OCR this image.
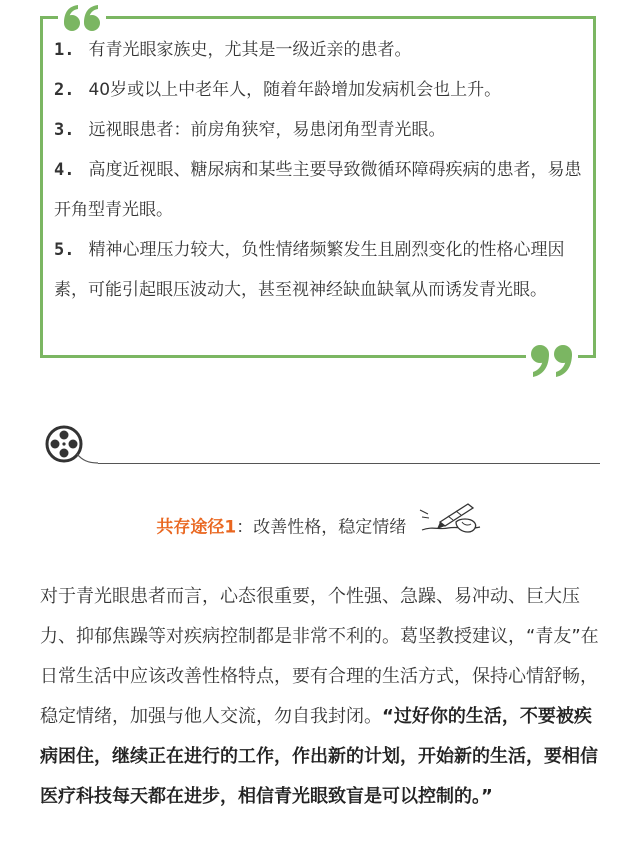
1. 有青光眼家族史，尤其是一级近亲的患者。
2. 40岁或以上中老年人，随着年龄增加发病机会也上升。
3. 远视眼患者：前房角狭窄，易患闭角型青光眼。
4. 高度近视眼、糖尿病和某些主要导致微循环障碍疾病的患者，易患开角型青光眼。
5. 精神心理压力较大，负性情绪频繁发生且剧烈变化的性格心理因素，可能引起眼压波动大，甚至视神经缺血缺氧从而诱发青光眼。
共存途径1：改善性格，稳定情绪

对于青光眼患者而言，心态很重要，个性强、急躁、易冲动、巨大压力、抑郁焦躁等对疾病控制都是非常不利的。葛坚教授建议，“青友”在日常生活中应该改善性格特点，要有合理的生活方式，保持心情舒畅，稳定情绪，加强与他人交流，勿自我封闭。“过好你的生活，不要被疾病困住，继续正在进行的工作，作出新的计划，开始新的生活，要相信医疗科技每天都在进步，相信青光眼致盲是可以控制的。”
